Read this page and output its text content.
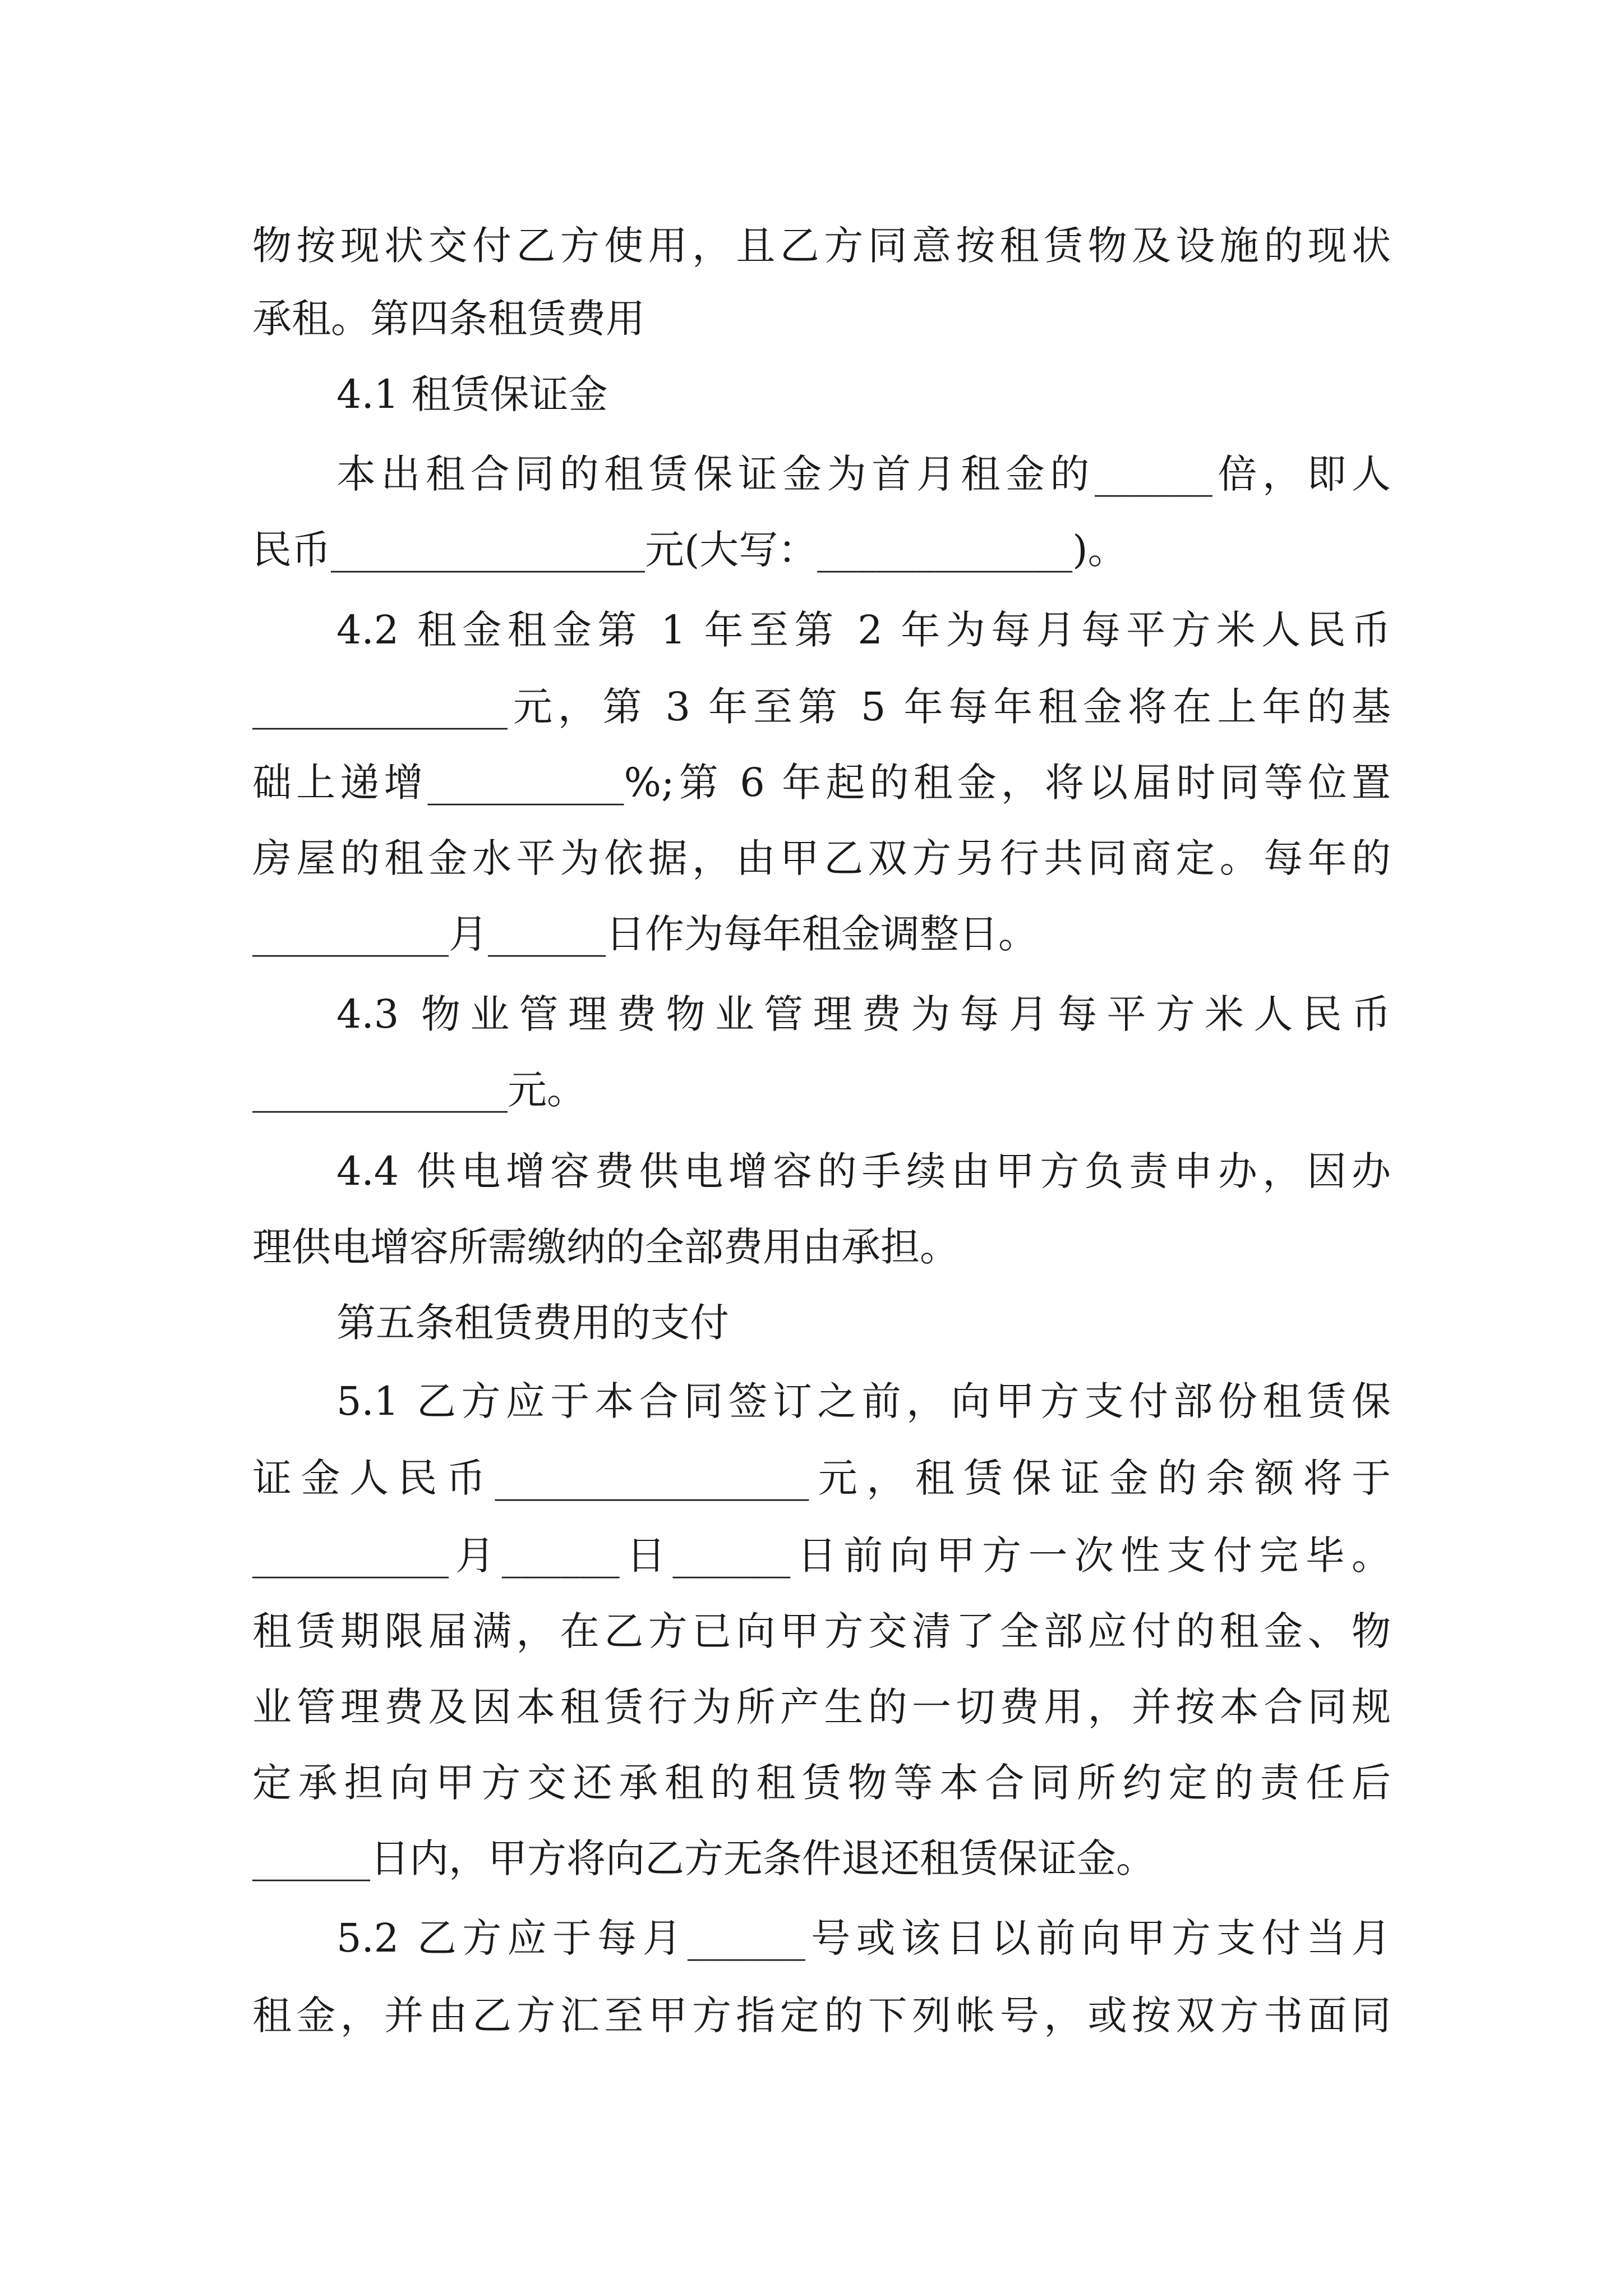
物按现状交付乙方使用，且乙方同意按租赁物及设施的现状
承租。第四条租赁费用
4.1 租赁保证金
本出租合同的租赁保证金为首月租金的______倍，即人
民币________________元(大写：_____________)。
4.2 租金租金第 1 年至第 2 年为每月每平方米人民币
_____________元，第 3 年至第 5 年每年租金将在上年的基
础上递增__________%;第 6 年起的租金，将以届时同等位置
房屋的租金水平为依据，由甲乙双方另行共同商定。每年的
__________月______日作为每年租金调整日。
4.3 物业管理费物业管理费为每月每平方米人民币
_____________元。
4.4 供电增容费供电增容的手续由甲方负责申办，因办
理供电增容所需缴纳的全部费用由承担。
第五条租赁费用的支付
5.1 乙方应于本合同签订之前，向甲方支付部份租赁保
证金人民币________________元，租赁保证金的余额将于
__________月______日______日前向甲方一次性支付完毕。
租赁期限届满，在乙方已向甲方交清了全部应付的租金、物
业管理费及因本租赁行为所产生的一切费用，并按本合同规
定承担向甲方交还承租的租赁物等本合同所约定的责任后
______日内，甲方将向乙方无条件退还租赁保证金。
5.2 乙方应于每月______号或该日以前向甲方支付当月
租金，并由乙方汇至甲方指定的下列帐号，或按双方书面同
